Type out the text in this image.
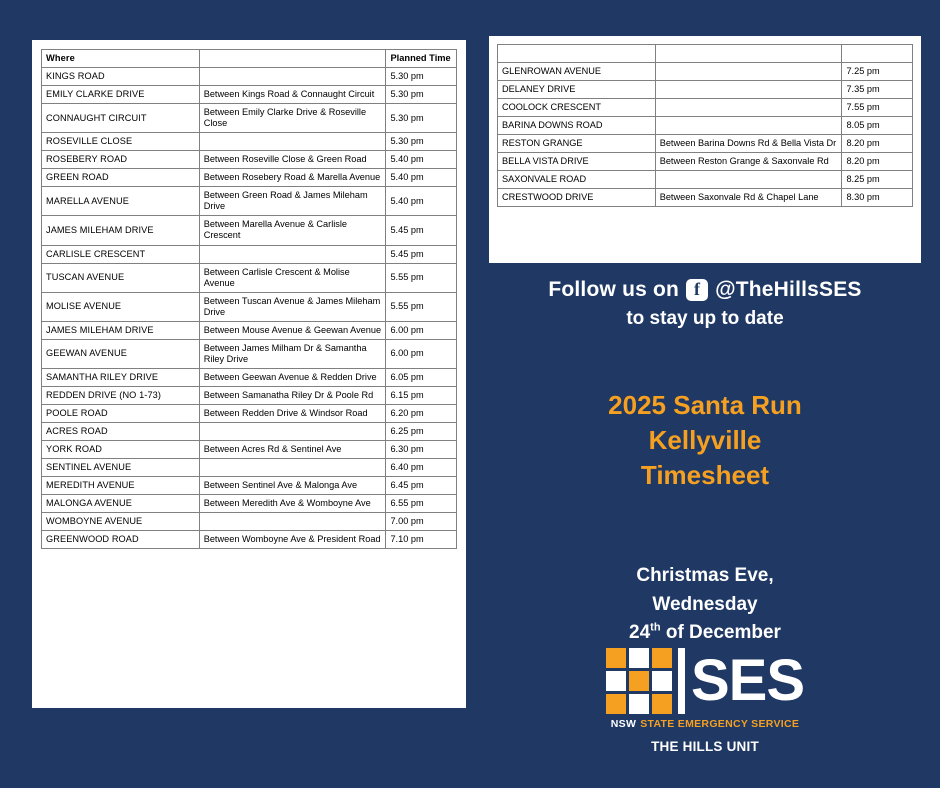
Where		Planned Time
KINGS ROAD		5.30 pm
EMILY CLARKE DRIVE	Between Kings Road & Connaught Circuit	5.30 pm
CONNAUGHT CIRCUIT	Between Emily Clarke Drive & Roseville Close	5.30 pm
ROSEVILLE CLOSE		5.30 pm
ROSEBERY ROAD	Between Roseville Close & Green Road	5.40 pm
GREEN ROAD	Between Rosebery Road & Marella Avenue	5.40 pm
MARELLA AVENUE	Between Green Road & James Mileham Drive	5.40 pm
JAMES MILEHAM DRIVE	Between Marella Avenue & Carlisle Crescent	5.45 pm
CARLISLE CRESCENT		5.45 pm
TUSCAN AVENUE	Between Carlisle Crescent & Molise Avenue	5.55 pm
MOLISE AVENUE	Between Tuscan Avenue & James Mileham Drive	5.55 pm
JAMES MILEHAM DRIVE	Between Mouse Avenue & Geewan Avenue	6.00 pm
GEEWAN AVENUE	Between James Milham Dr & Samantha Riley Drive	6.00 pm
SAMANTHA RILEY DRIVE	Between Geewan Avenue & Redden Drive	6.05 pm
REDDEN DRIVE (NO 1-73)	Between Samanatha Riley Dr & Poole Rd	6.15 pm
POOLE ROAD	Between Redden Drive & Windsor Road	6.20 pm
ACRES ROAD		6.25 pm
YORK ROAD	Between Acres Rd & Sentinel Ave	6.30 pm
SENTINEL AVENUE		6.40 pm
MEREDITH AVENUE	Between Sentinel Ave & Malonga Ave	6.45 pm
MALONGA AVENUE	Between Meredith Ave & Womboyne Ave	6.55 pm
WOMBOYNE AVENUE		7.00 pm
GREENWOOD ROAD	Between Womboyne Ave & President Road	7.10 pm

GLENROWAN AVENUE		7.25 pm
DELANEY DRIVE		7.35 pm
COOLOCK CRESCENT		7.55 pm
BARINA DOWNS ROAD		8.05 pm
RESTON GRANGE	Between Barina Downs Rd & Bella Vista Dr	8.20 pm
BELLA VISTA DRIVE	Between Reston Grange & Saxonvale Rd	8.20 pm
SAXONVALE ROAD		8.25 pm
CRESTWOOD DRIVE	Between Saxonvale Rd & Chapel Lane	8.30 pm
Follow us on f @TheHillsSES
to stay up to date
2025 Santa Run
Kellyville
Timesheet
Christmas Eve,
Wednesday
24th of December
SES
NSW STATE EMERGENCY SERVICE
THE HILLS UNIT
